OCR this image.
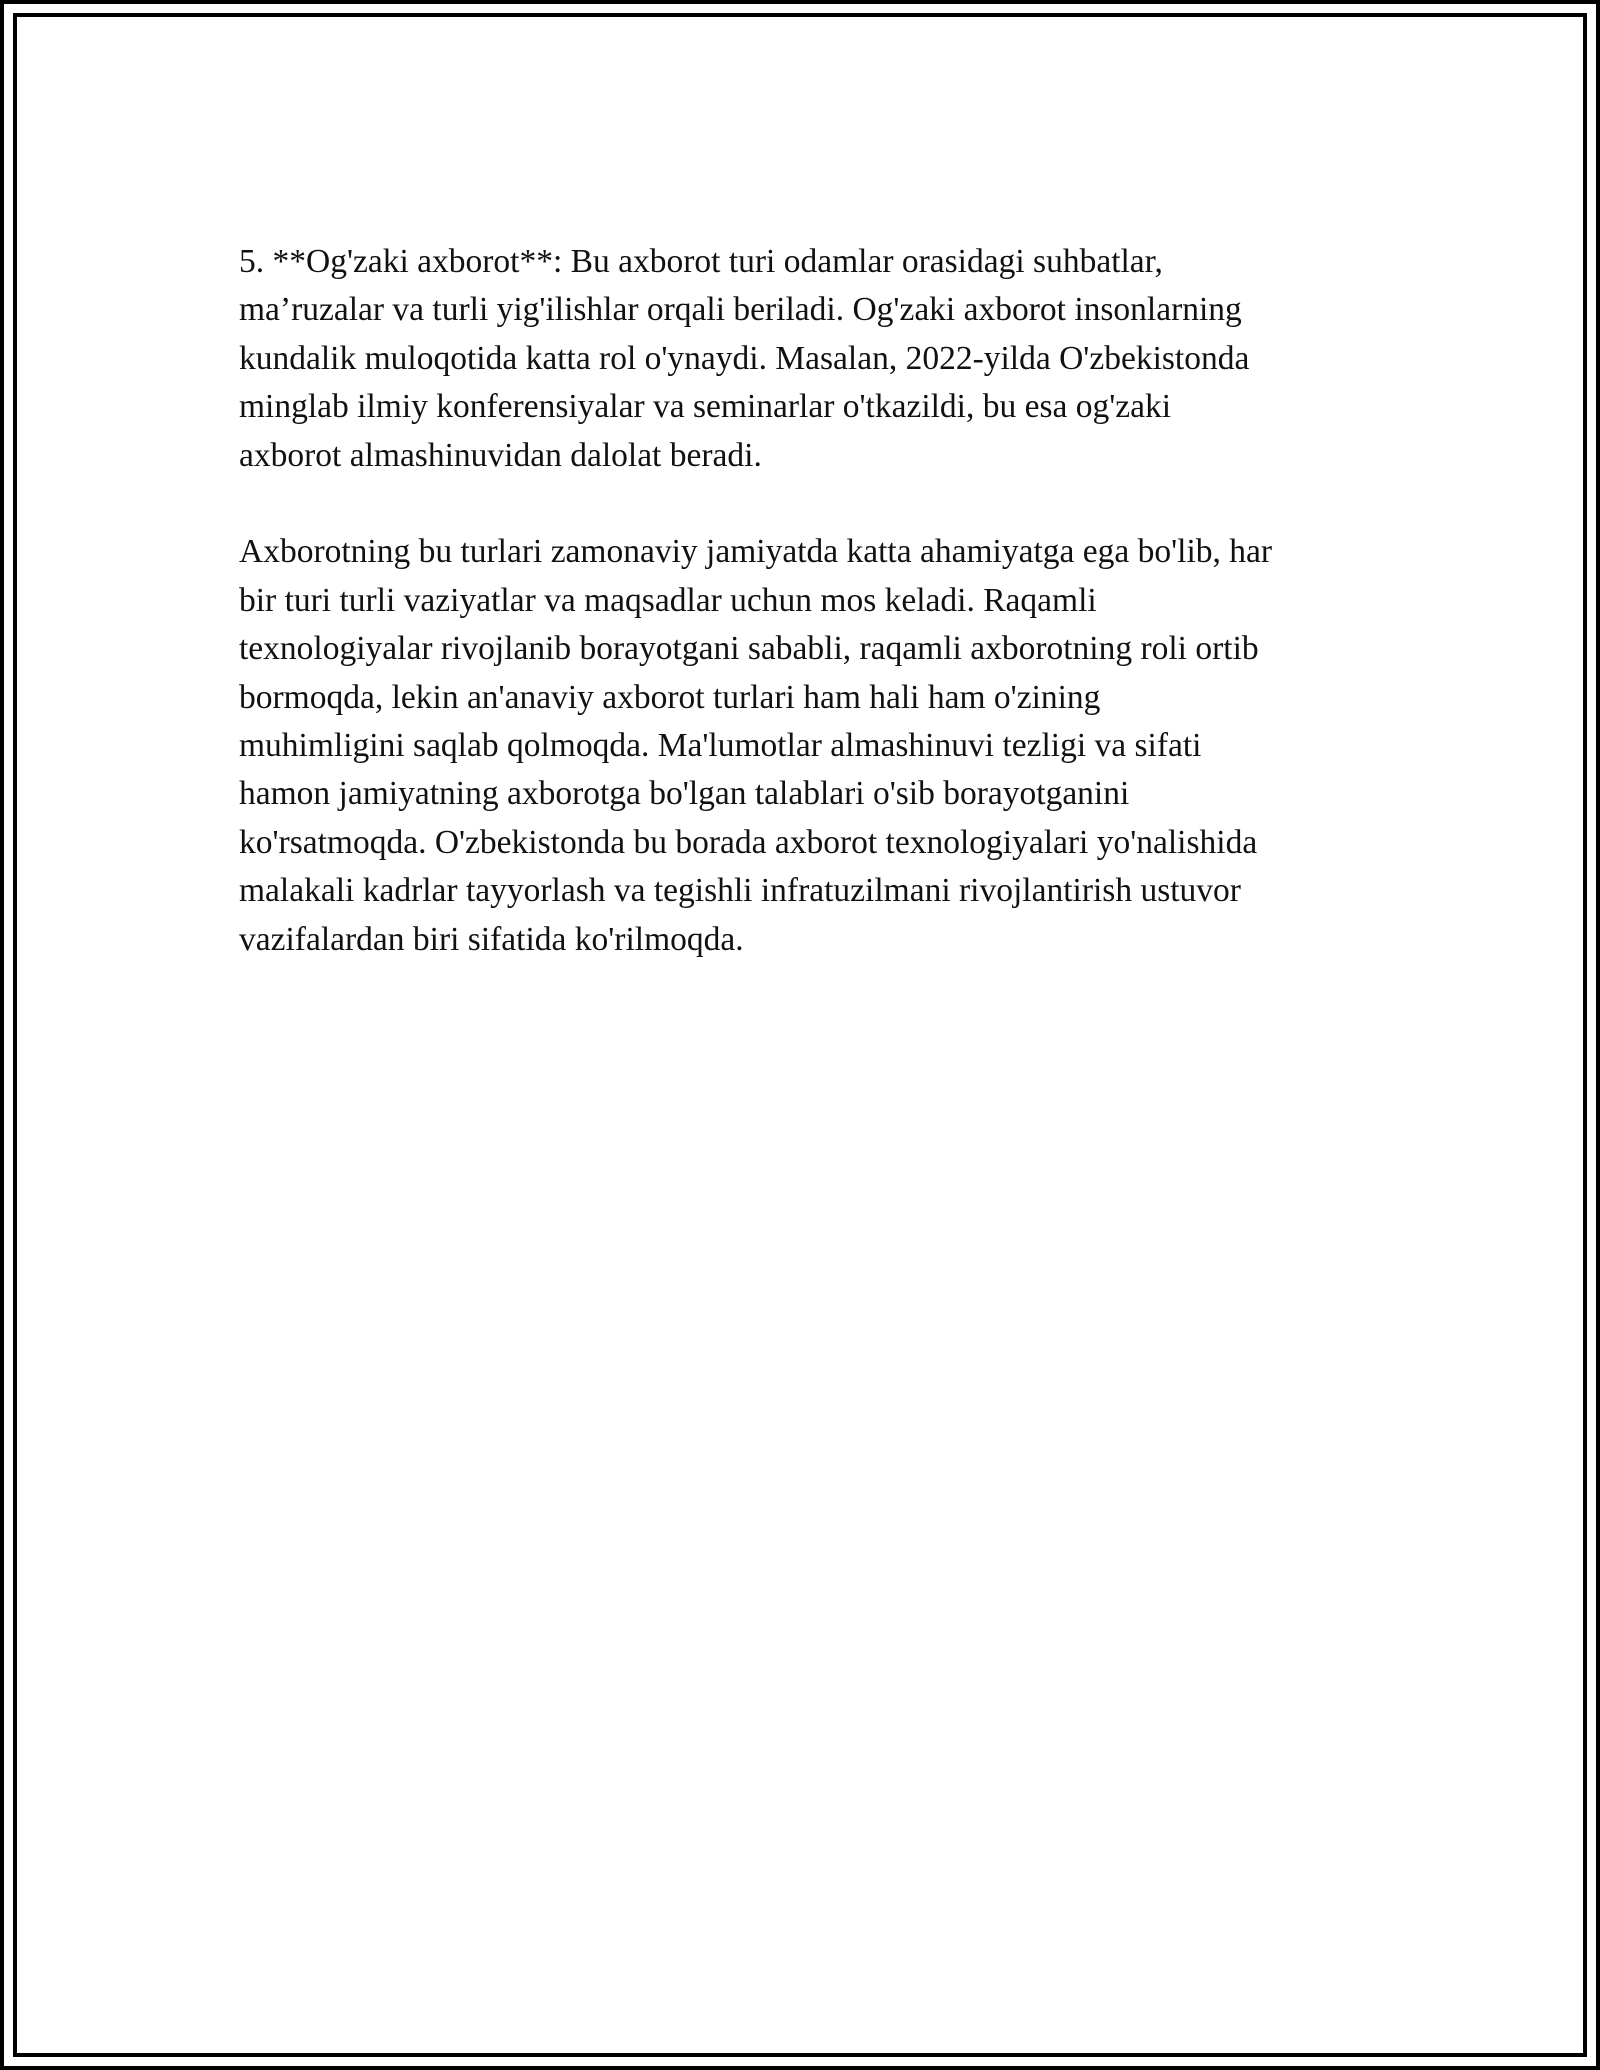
5. **Og'zaki axborot**: Bu axborot turi odamlar orasidagi suhbatlar,
ma’ruzalar va turli yig'ilishlar orqali beriladi. Og'zaki axborot insonlarning
kundalik muloqotida katta rol o'ynaydi. Masalan, 2022-yilda O'zbekistonda
minglab ilmiy konferensiyalar va seminarlar o'tkazildi, bu esa og'zaki
axborot almashinuvidan dalolat beradi.

Axborotning bu turlari zamonaviy jamiyatda katta ahamiyatga ega bo'lib, har
bir turi turli vaziyatlar va maqsadlar uchun mos keladi. Raqamli
texnologiyalar rivojlanib borayotgani sababli, raqamli axborotning roli ortib
bormoqda, lekin an'anaviy axborot turlari ham hali ham o'zining
muhimligini saqlab qolmoqda. Ma'lumotlar almashinuvi tezligi va sifati
hamon jamiyatning axborotga bo'lgan talablari o'sib borayotganini
ko'rsatmoqda. O'zbekistonda bu borada axborot texnologiyalari yo'nalishida
malakali kadrlar tayyorlash va tegishli infratuzilmani rivojlantirish ustuvor
vazifalardan biri sifatida ko'rilmoqda.
